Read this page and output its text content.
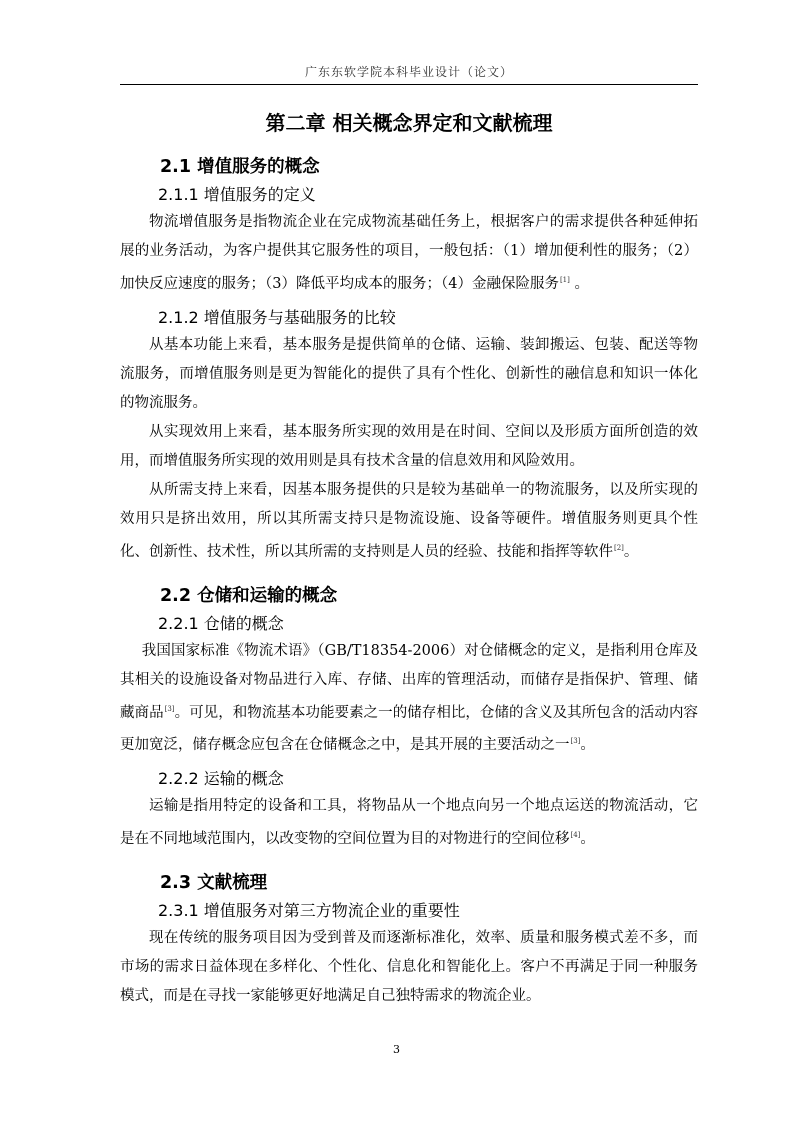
广东东软学院本科毕业设计（论文）
第二章 相关概念界定和文献梳理
2.1 增值服务的概念
2.1.1 增值服务的定义

物流增值服务是指物流企业在完成物流基础任务上，根据客户的需求提供各种延伸拓展的业务活动，为客户提供其它服务性的项目，一般包括：（1）增加便利性的服务；（2）加快反应速度的服务；（3）降低平均成本的服务；（4）金融保险服务[1] 。

2.1.2 增值服务与基础服务的比较

从基本功能上来看，基本服务是提供简单的仓储、运输、装卸搬运、包装、配送等物流服务，而增值服务则是更为智能化的提供了具有个性化、创新性的融信息和知识一体化的物流服务。

从实现效用上来看，基本服务所实现的效用是在时间、空间以及形质方面所创造的效用，而增值服务所实现的效用则是具有技术含量的信息效用和风险效用。

从所需支持上来看，因基本服务提供的只是较为基础单一的物流服务，以及所实现的效用只是挤出效用，所以其所需支持只是物流设施、设备等硬件。增值服务则更具个性化、创新性、技术性，所以其所需的支持则是人员的经验、技能和指挥等软件[2]。

2.2 仓储和运输的概念
2.2.1 仓储的概念

我国国家标准《物流术语》（GB/T18354-2006）对仓储概念的定义，是指利用仓库及其相关的设施设备对物品进行入库、存储、出库的管理活动，而储存是指保护、管理、储藏商品[3]。可见，和物流基本功能要素之一的储存相比，仓储的含义及其所包含的活动内容更加宽泛，储存概念应包含在仓储概念之中，是其开展的主要活动之一[3]。

2.2.2 运输的概念

运输是指用特定的设备和工具，将物品从一个地点向另一个地点运送的物流活动，它是在不同地域范围内，以改变物的空间位置为目的对物进行的空间位移[4]。

2.3 文献梳理
2.3.1 增值服务对第三方物流企业的重要性

现在传统的服务项目因为受到普及而逐渐标准化，效率、质量和服务模式差不多，而市场的需求日益体现在多样化、个性化、信息化和智能化上。客户不再满足于同一种服务模式，而是在寻找一家能够更好地满足自己独特需求的物流企业。

3
